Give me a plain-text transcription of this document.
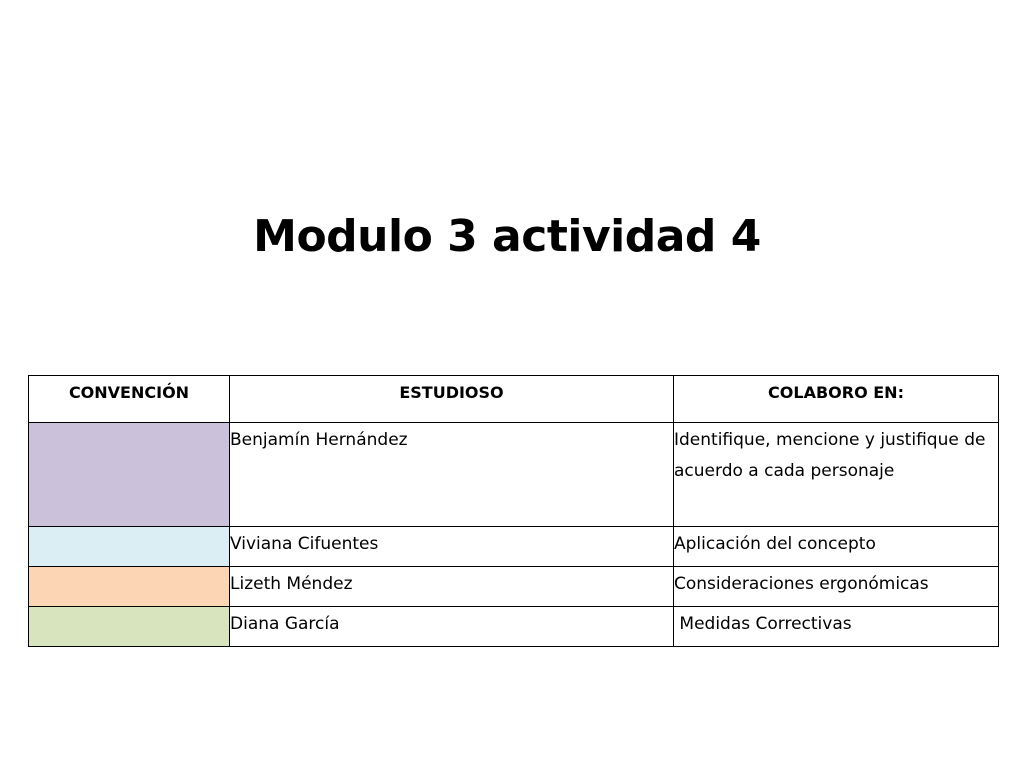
Modulo 3 actividad 4
CONVENCIÓN	ESTUDIOSO	COLABORO EN:
	Benjamín Hernández	Identifique, mencione y justifique de acuerdo a cada personaje
	Viviana Cifuentes	Aplicación del concepto
	Lizeth Méndez	Consideraciones ergonómicas
	Diana García	Medidas Correctivas
